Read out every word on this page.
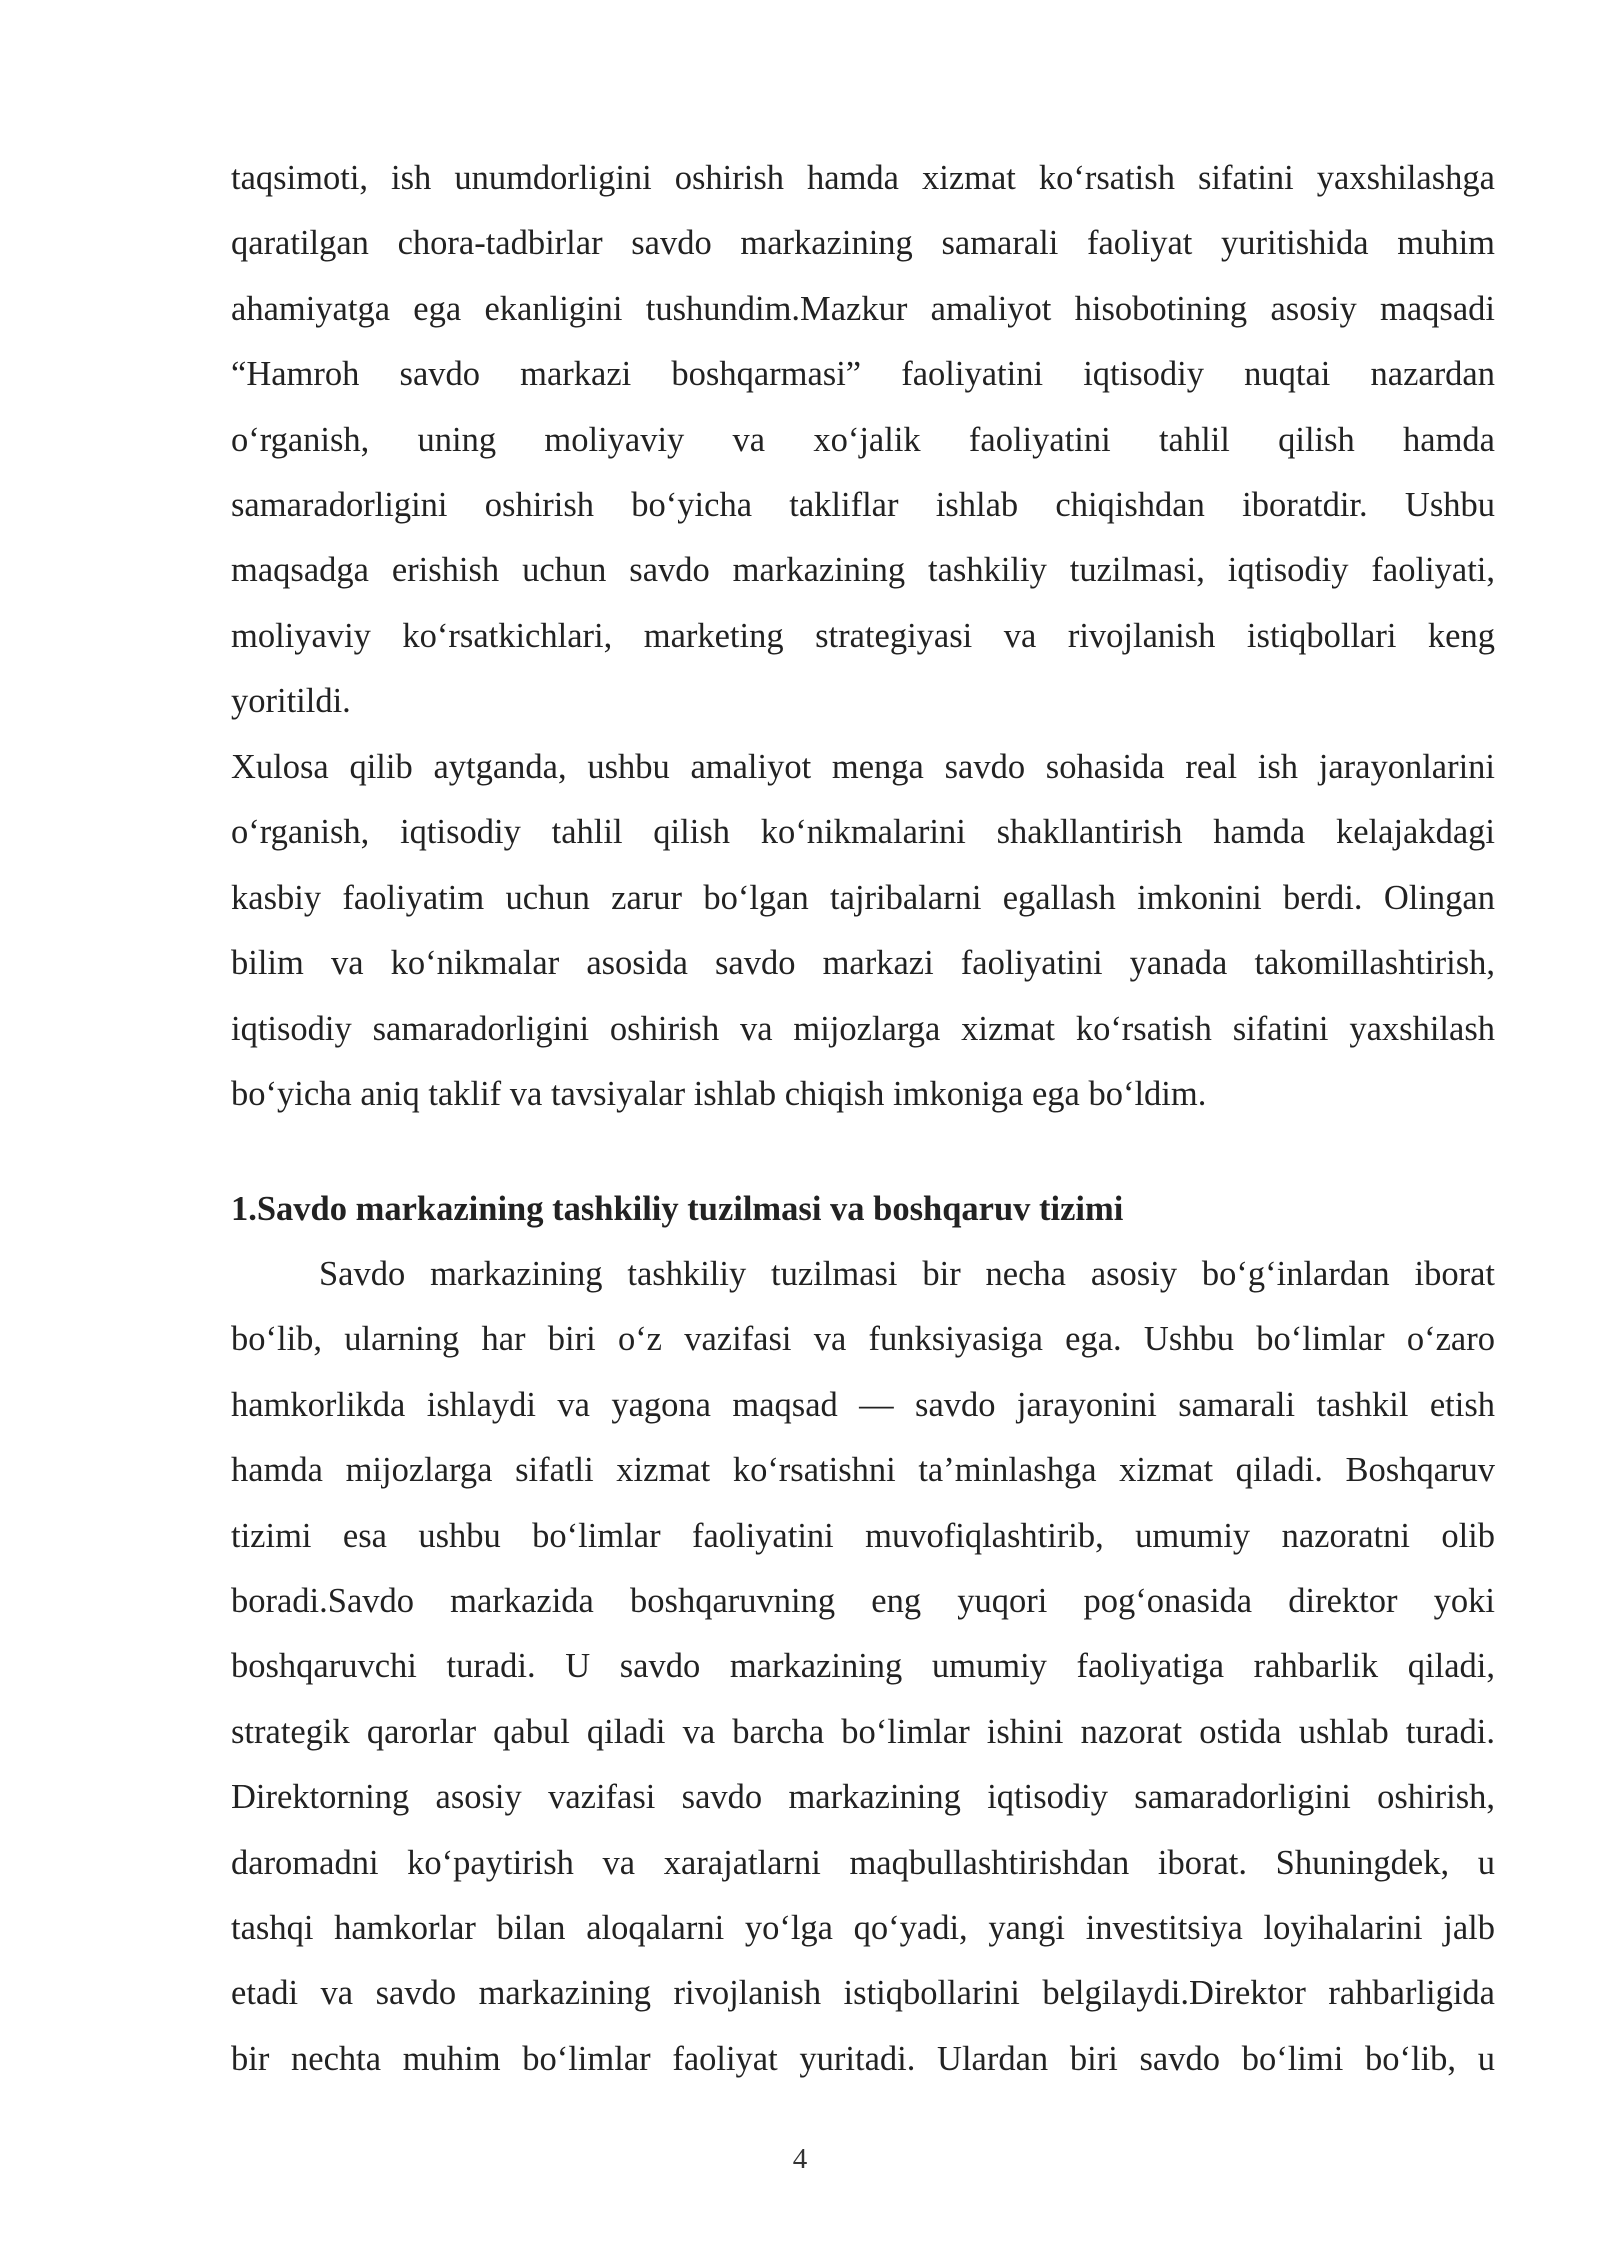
taqsimoti, ish unumdorligini oshirish hamda xizmat ko‘rsatish sifatini yaxshilashga
qaratilgan chora-tadbirlar savdo markazining samarali faoliyat yuritishida muhim
ahamiyatga ega ekanligini tushundim.Mazkur amaliyot hisobotining asosiy maqsadi
“Hamroh savdo markazi boshqarmasi” faoliyatini iqtisodiy nuqtai nazardan
o‘rganish, uning moliyaviy va xo‘jalik faoliyatini tahlil qilish hamda
samaradorligini oshirish bo‘yicha takliflar ishlab chiqishdan iboratdir. Ushbu
maqsadga erishish uchun savdo markazining tashkiliy tuzilmasi, iqtisodiy faoliyati,
moliyaviy ko‘rsatkichlari, marketing strategiyasi va rivojlanish istiqbollari keng
yoritildi.
Xulosa qilib aytganda, ushbu amaliyot menga savdo sohasida real ish jarayonlarini
o‘rganish, iqtisodiy tahlil qilish ko‘nikmalarini shakllantirish hamda kelajakdagi
kasbiy faoliyatim uchun zarur bo‘lgan tajribalarni egallash imkonini berdi. Olingan
bilim va ko‘nikmalar asosida savdo markazi faoliyatini yanada takomillashtirish,
iqtisodiy samaradorligini oshirish va mijozlarga xizmat ko‘rsatish sifatini yaxshilash
bo‘yicha aniq taklif va tavsiyalar ishlab chiqish imkoniga ega bo‘ldim.
1.Savdo markazining tashkiliy tuzilmasi va boshqaruv tizimi
Savdo markazining tashkiliy tuzilmasi bir necha asosiy bo‘g‘inlardan iborat
bo‘lib, ularning har biri o‘z vazifasi va funksiyasiga ega. Ushbu bo‘limlar o‘zaro
hamkorlikda ishlaydi va yagona maqsad — savdo jarayonini samarali tashkil etish
hamda mijozlarga sifatli xizmat ko‘rsatishni ta’minlashga xizmat qiladi. Boshqaruv
tizimi esa ushbu bo‘limlar faoliyatini muvofiqlashtirib, umumiy nazoratni olib
boradi.Savdo markazida boshqaruvning eng yuqori pog‘onasida direktor yoki
boshqaruvchi turadi. U savdo markazining umumiy faoliyatiga rahbarlik qiladi,
strategik qarorlar qabul qiladi va barcha bo‘limlar ishini nazorat ostida ushlab turadi.
Direktorning asosiy vazifasi savdo markazining iqtisodiy samaradorligini oshirish,
daromadni ko‘paytirish va xarajatlarni maqbullashtirishdan iborat. Shuningdek, u
tashqi hamkorlar bilan aloqalarni yo‘lga qo‘yadi, yangi investitsiya loyihalarini jalb
etadi va savdo markazining rivojlanish istiqbollarini belgilaydi.Direktor rahbarligida
bir nechta muhim bo‘limlar faoliyat yuritadi. Ulardan biri savdo bo‘limi bo‘lib, u
4
